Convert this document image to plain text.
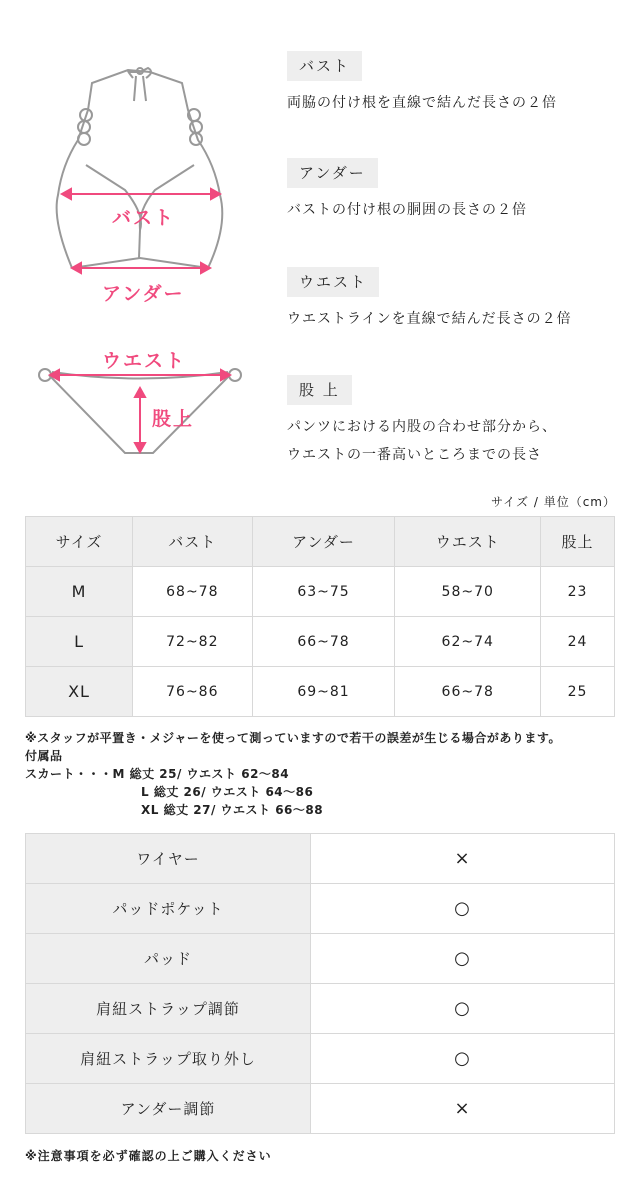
バスト
アンダー
ウエスト
股上
バスト
両脇の付け根を直線で結んだ長さの２倍
アンダー
バストの付け根の胴囲の長さの２倍
ウエスト
ウエストラインを直線で結んだ長さの２倍
股 上
パンツにおける内股の合わせ部分から、
ウエストの一番高いところまでの長さ
サイズ / 単位（cm）
サイズ	バスト	アンダー	ウエスト	股上
M	68~78	63~75	58~70	23
L	72~82	66~78	62~74	24
XL	76~86	69~81	66~78	25
※スタッフが平置き・メジャーを使って測っていますので若干の誤差が生じる場合があります。
付属品
スカート・・・M 総丈 25/ ウエスト 62～84
L 総丈 26/ ウエスト 64～86
XL 総丈 27/ ウエスト 66～88
ワイヤー	×
パッドポケット	○
パッド	○
肩紐ストラップ調節	○
肩紐ストラップ取り外し	○
アンダー調節	×
※注意事項を必ず確認の上ご購入ください
